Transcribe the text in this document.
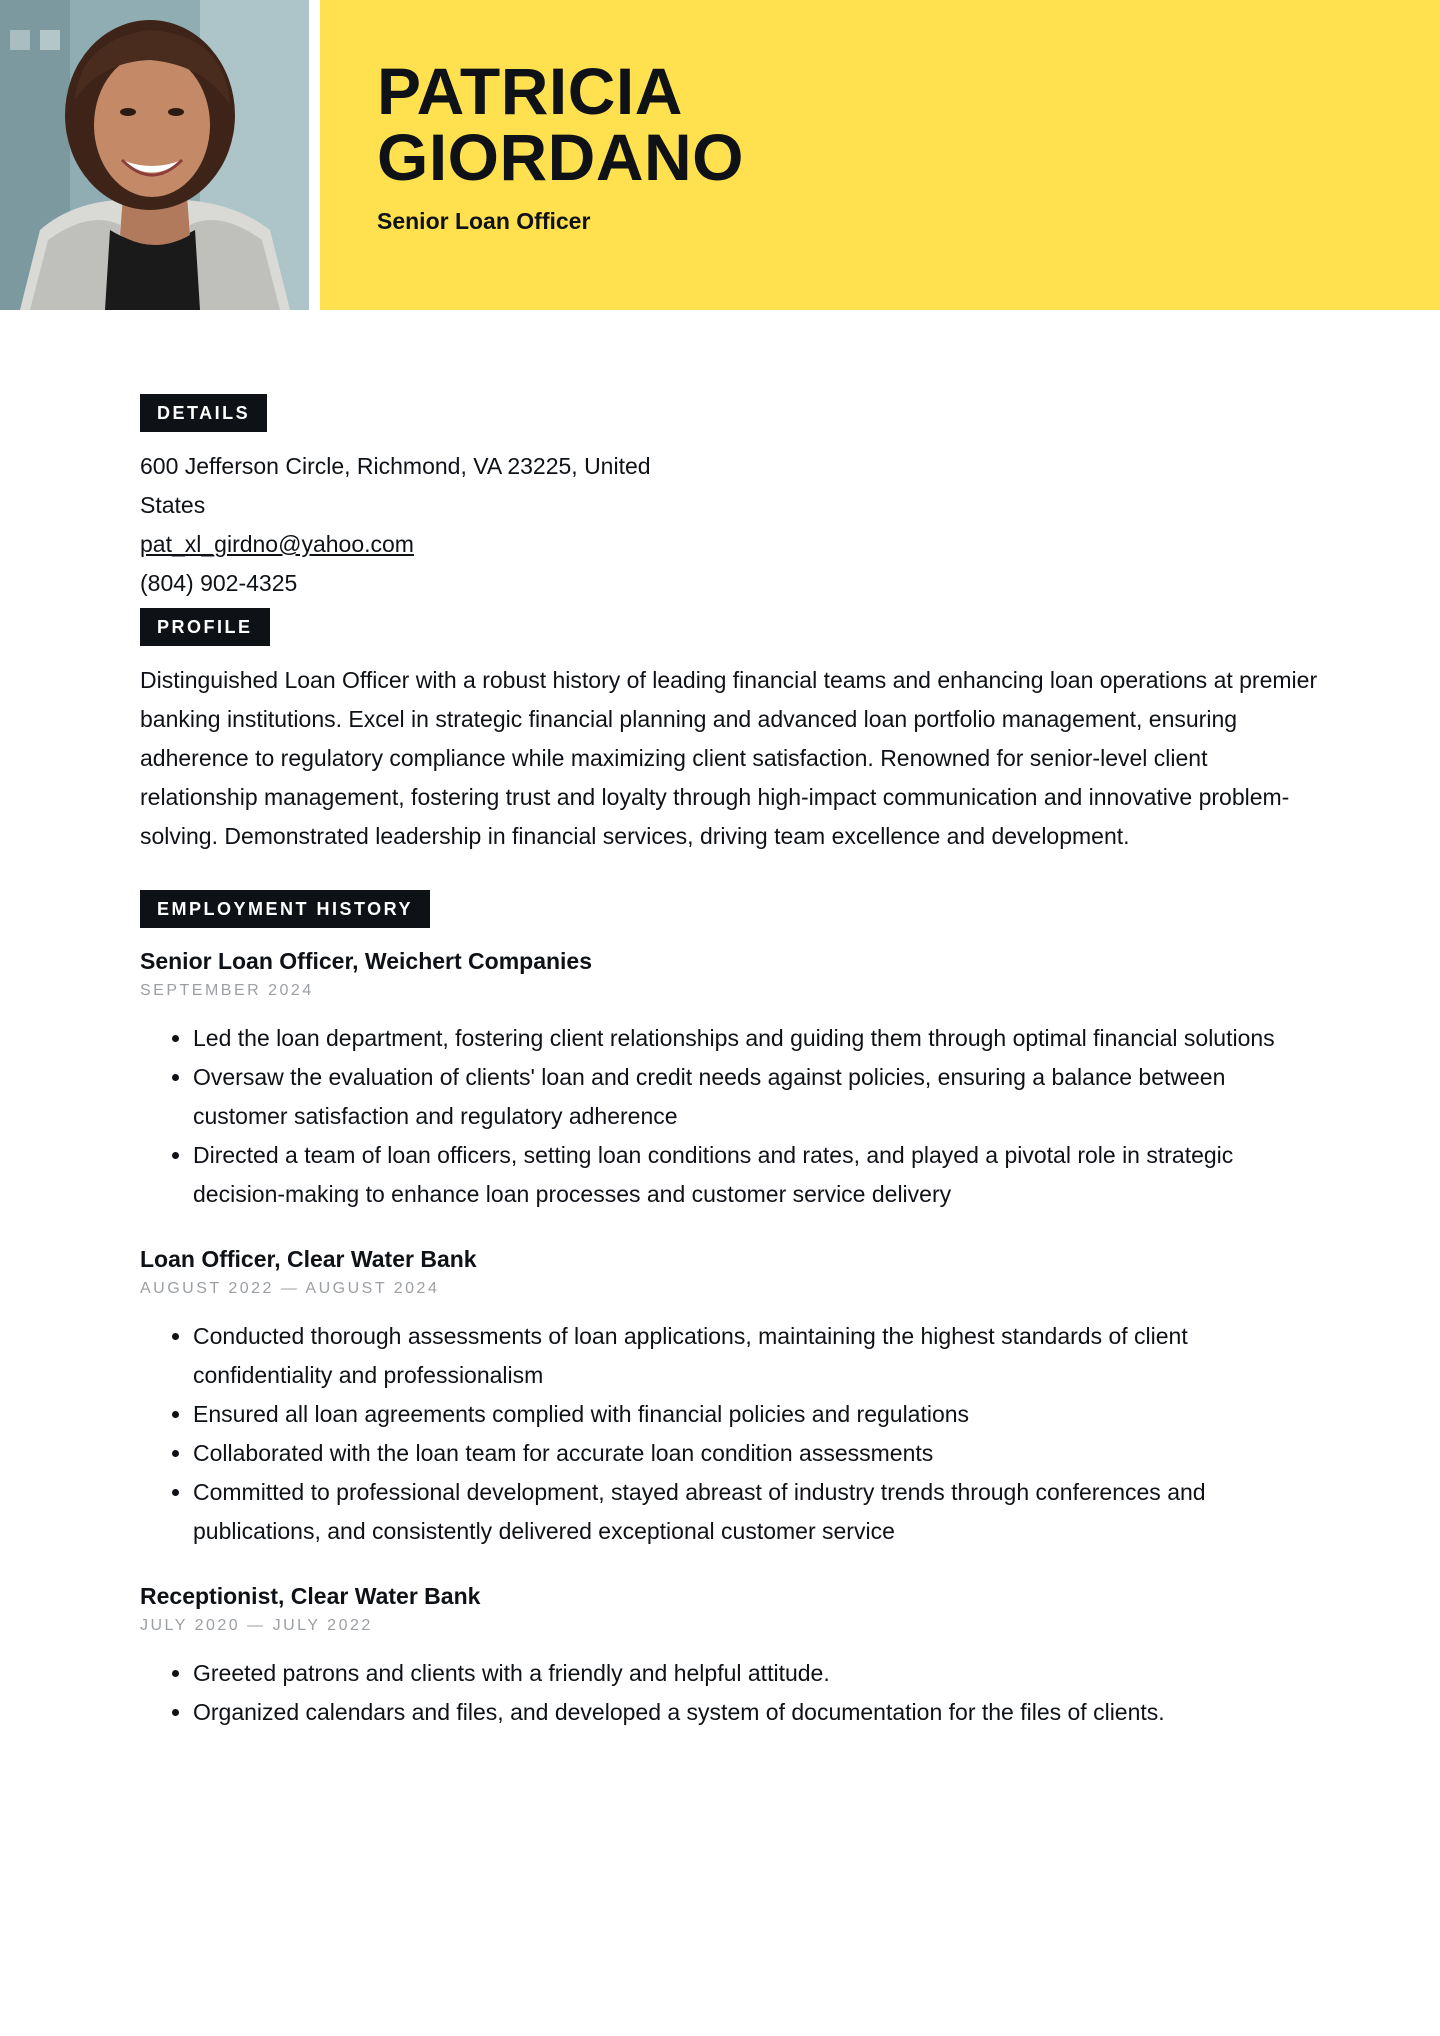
PATRICIA
GIORDANO
Senior Loan Officer
DETAILS
600 Jefferson Circle, Richmond, VA 23225, United States
pat_xl_girdno@yahoo.com
(804) 902-4325
PROFILE
Distinguished Loan Officer with a robust history of leading financial teams and enhancing loan operations at premier banking institutions. Excel in strategic financial planning and advanced loan portfolio management, ensuring adherence to regulatory compliance while maximizing client satisfaction. Renowned for senior-level client relationship management, fostering trust and loyalty through high-impact communication and innovative problem-solving. Demonstrated leadership in financial services, driving team excellence and development.
EMPLOYMENT HISTORY
Senior Loan Officer, Weichert Companies
SEPTEMBER 2024
• Led the loan department, fostering client relationships and guiding them through optimal financial solutions
• Oversaw the evaluation of clients' loan and credit needs against policies, ensuring a balance between customer satisfaction and regulatory adherence
• Directed a team of loan officers, setting loan conditions and rates, and played a pivotal role in strategic decision-making to enhance loan processes and customer service delivery
Loan Officer, Clear Water Bank
AUGUST 2022 — AUGUST 2024
• Conducted thorough assessments of loan applications, maintaining the highest standards of client confidentiality and professionalism
• Ensured all loan agreements complied with financial policies and regulations
• Collaborated with the loan team for accurate loan condition assessments
• Committed to professional development, stayed abreast of industry trends through conferences and publications, and consistently delivered exceptional customer service
Receptionist, Clear Water Bank
JULY 2020 — JULY 2022
• Greeted patrons and clients with a friendly and helpful attitude.
• Organized calendars and files, and developed a system of documentation for the files of clients.
